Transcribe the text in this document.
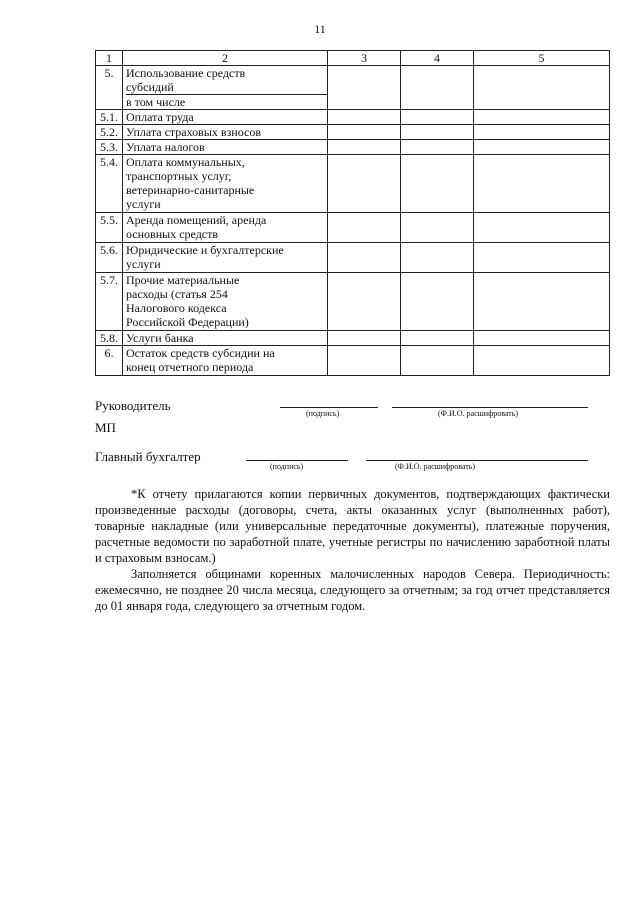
11
1	2	3	4	5
5.	Использование средств
субсидий
в том числе			

5.1.	Оплата труда			

5.2.	Уплата страховых взносов			

5.3.	Уплата налогов			

5.4.	Оплата коммунальных,
транспортных услуг,
ветеринарно-санитарные
услуги			

5.5.	Аренда помещений, аренда
основных средств			

5.6.	Юридические и бухгалтерские
услуги			

5.7.	Прочие материальные
расходы (статья 254
Налогового кодекса
Российской Федерации)			

5.8.	Услуги банка			

6.	Остаток средств субсидии на
конец отчетного периода			

Руководитель
(подпись)	(Ф.И.О. расшифровать)
МП
Главный бухгалтер
(подпись)	(Ф.И.О. расшифровать)

*К отчету прилагаются копии первичных документов, подтверждающих фактически произведенные расходы (договоры, счета, акты оказанных услуг (выполненных работ), товарные накладные (или универсальные передаточные документы), платежные поручения, расчетные ведомости по заработной плате, учетные регистры по начислению заработной платы и страховым взносам.)

Заполняется общинами коренных малочисленных народов Севера. Периодичность: ежемесячно, не позднее 20 числа месяца, следующего за отчетным; за год отчет представляется до 01 января года, следующего за отчетным годом.
